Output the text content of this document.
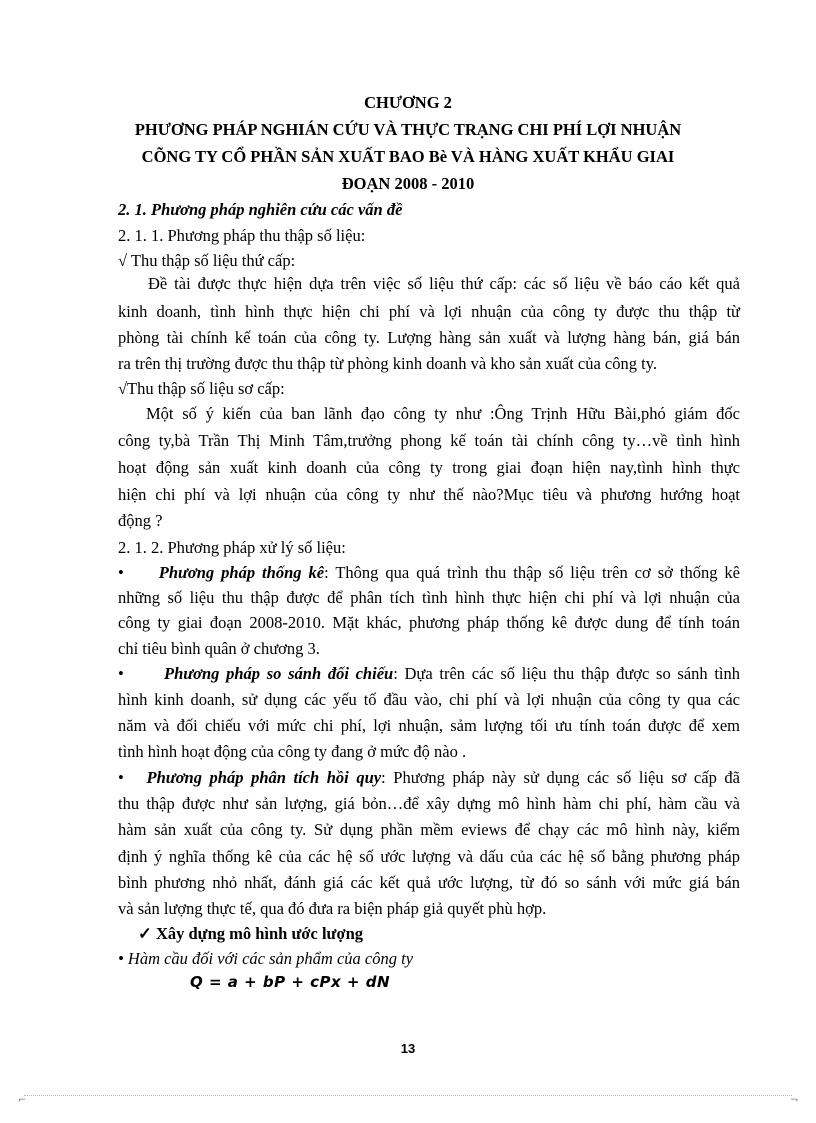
CHƯƠNG 2
PHƯƠNG PHÁP NGHIÁN CỨU VÀ THỰC TRẠNG CHI PHÍ LỢI NHUẬN
CÕNG TY CỔ PHẦN SẢN XUẤT BAO Bè VÀ HÀNG XUẤT KHẨU GIAI
ĐOẠN 2008 - 2010
2. 1. Phương pháp nghiên cứu các vấn đề
2. 1. 1. Phương pháp thu thập số liệu:
√ Thu thập số liệu thứ cấp:
Đề tài được thực hiện dựa trên việc số liệu thứ cấp: các số liệu về báo cáo kết quả
kinh doanh, tình hình thực hiện chi phí và lợi nhuận của công ty được thu thập từ
phòng tài chính kế toán của công ty. Lượng hàng sản xuất và lượng hàng bán, giá bán
ra trên thị trường được thu thập từ phòng kinh doanh và kho sản xuất của công ty.
√Thu thập số liệu sơ cấp:
Một số ý kiến của ban lãnh đạo công ty như :Ông Trịnh Hữu Bài,phó giám đốc
công ty,bà Trần Thị Minh Tâm,trưởng phong kế toán tài chính công ty…về tình hình
hoạt động sản xuất kinh doanh của công ty trong giai đoạn hiện nay,tình hình thực
hiện chi phí và lợi nhuận của công ty như thế nào?Mục tiêu và phương hướng hoạt
động ?
2. 1. 2. Phương pháp xử lý số liệu:
•     Phương pháp thống kê: Thông qua quá trình thu thập số liệu trên cơ sở thống kê
những số liệu thu thập được để phân tích tình hình thực hiện chi phí và lợi nhuận của
công ty giai đoạn 2008-2010. Mặt khác, phương pháp thống kê được dung để tính toán
chỉ tiêu bình quân ở chương 3.
•      Phương pháp so sánh đối chiếu: Dựa trên các số liệu thu thập được so sánh tình
hình kinh doanh, sử dụng các yếu tố đầu vào, chi phí và lợi nhuận của công ty qua các
năm và đối chiếu với mức chi phí, lợi nhuận, sảm lượng tối ưu tính toán được để xem
tình hình hoạt động của công ty đang ở mức độ nào .
•   Phương pháp phân tích hồi quy: Phương pháp này sử dụng các số liệu sơ cấp đã
thu thập được như sản lượng, giá bỏn…để xây dựng mô hình hàm chi phí, hàm cầu và
hàm sản xuất của công ty. Sử dụng phần mềm eviews để chạy các mô hình này, kiểm
định ý nghĩa thống kê của các hệ số ước lượng và dấu của các hệ số bằng phương pháp
bình phương nhỏ nhất, đánh giá các kết quả ước lượng, từ đó so sánh với mức giá bán
và sản lượng thực tế, qua đó đưa ra biện pháp giả quyết phù hợp.
✓ Xây dựng mô hình ước lượng
• Hàm cầu đối với các sản phẩm của công ty
Q = a + bP + cPx + dN
13
⌐	¬
